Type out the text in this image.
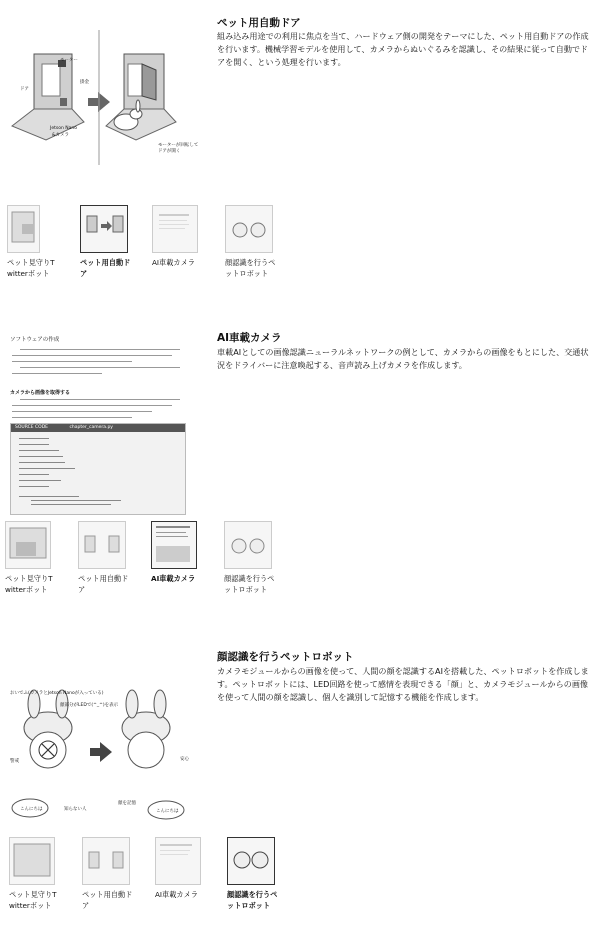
モーター
ドア
掛金
Jetson Nano
&カメラ
モーターが回転して
ドアが開く
ペット用自動ドア

組み込み用途での利用に焦点を当て、ハードウェア側の開発をテーマにした、ペット用自動ドアの作成を行います。機械学習モデルを使用して、カメラからぬいぐるみを認識し、その結果に従って自動でドアを開く、という処理を行います。

ペット見守りTwitterボット
ペット用自動ドア
AI車載カメラ	顔認識を行うペットロボット
ソフトウェアの作成
カメラから画像を取得する
SOURCE CODE	chapter_camera.py
AI車載カメラ

車載AIとしての画像認識ニューラルネットワークの例として、カメラからの画像をもとにした、交通状況をドライバーに注意喚起する、音声読み上げカメラを作成します。

ペット見守りTwitterボット
ペット用自動ドア
AI車載カメラ	顔認識を行うペットロボット
おいでふ(カメラとJetson Nanoが入っている)
顔部分がLEDで(^_^)を表示
警戒
こんにちは	知らない人
顔を記憶
こんにちは
安心
顔認識を行うペットロボット

カメラモジュールからの画像を使って、人間の顔を認識するAIを搭載した、ペットロボットを作成します。ペットロボットには、LED回路を使って感情を表現できる「顔」と、カメラモジュールからの画像を使って人間の顔を認識し、個人を識別して記憶する機能を作成します。

ペット見守りTwitterボット
ペット用自動ドア
AI車載カメラ	顔認識を行うペットロボット
